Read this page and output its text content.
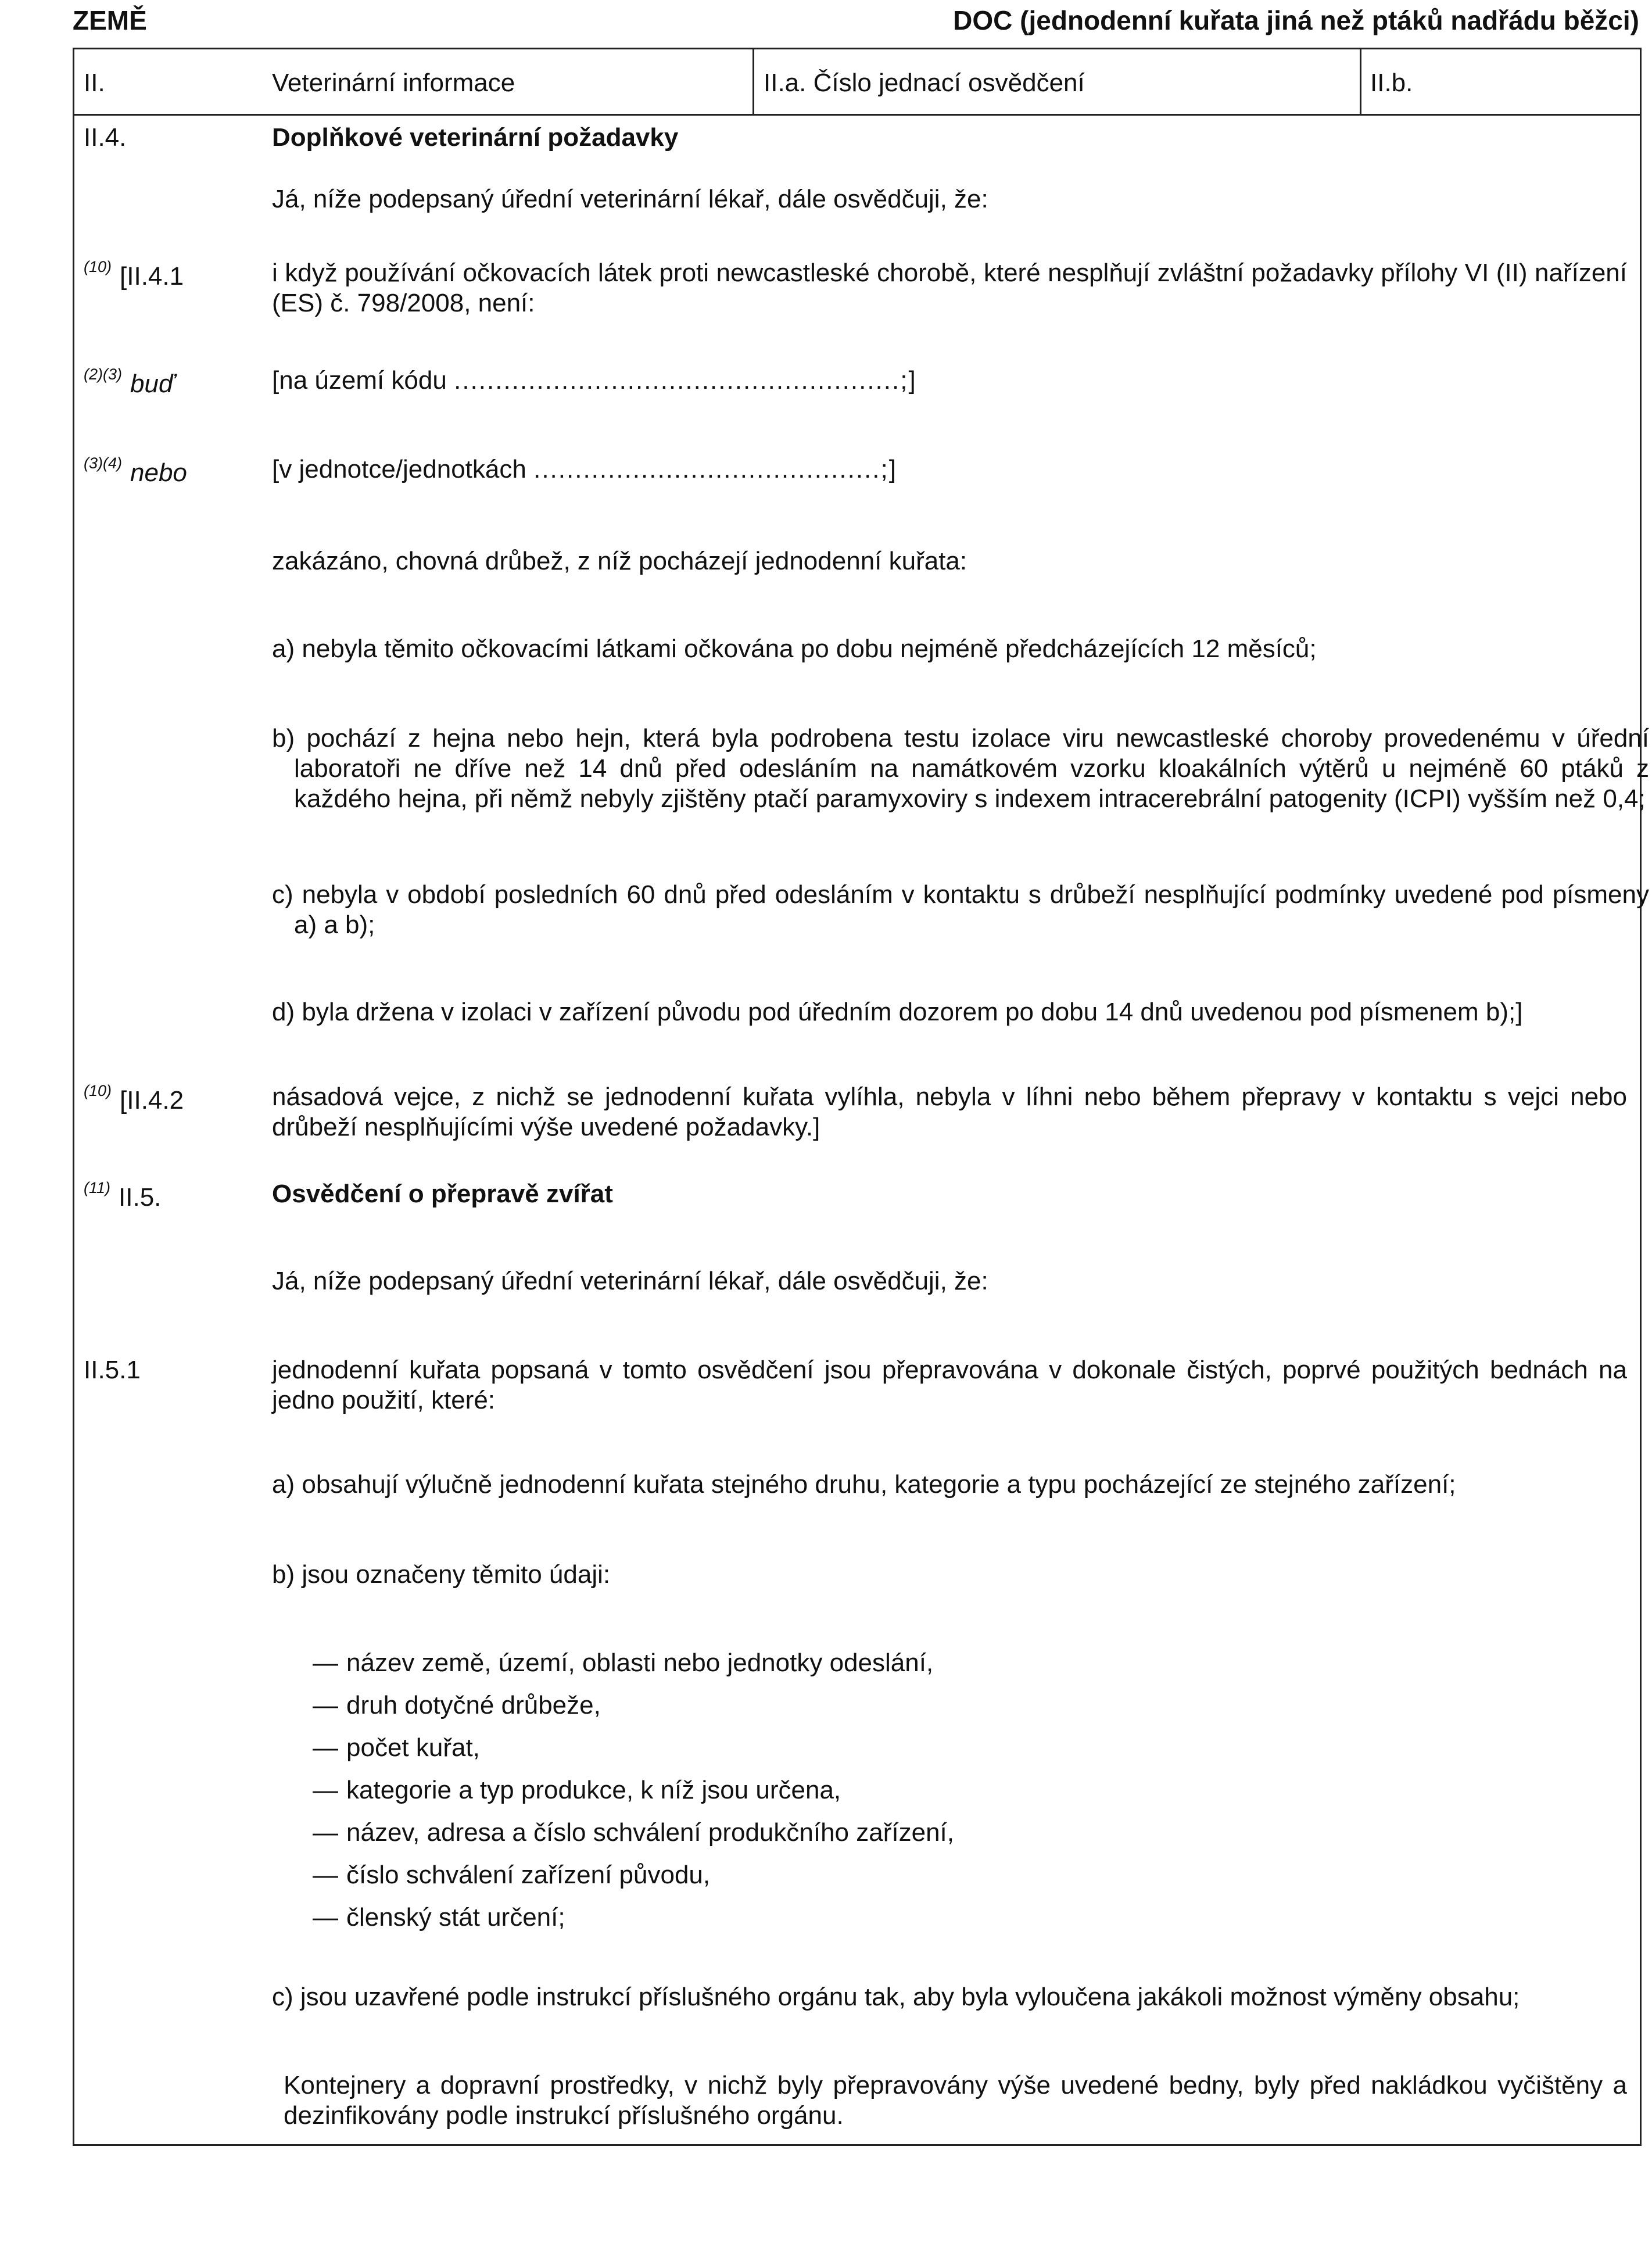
ZEMĚ	DOC (jednodenní kuřata jiná než ptáků nadřádu běžci)
II.	Veterinární informace	II.a. Číslo jednací osvědčení	II.b.
II.4.	Doplňkové veterinární požadavky
Já, níže podepsaný úřední veterinární lékař, dále osvědčuji, že:
$^{(10)}$ [II.4.1	i když používání očkovacích látek proti newcastleské chorobě, které nesplňují zvláštní požadavky přílohy VI (II) nařízení (ES) č. 798/2008, není:
$^{(2)(3)}$ buď	[na území kódu ......................................................;]
$^{(3)(4)}$ nebo	[v jednotce/jednotkách ..........................................;]
zakázáno, chovná drůbež, z níž pocházejí jednodenní kuřata:
a) nebyla těmito očkovacími látkami očkována po dobu nejméně předcházejících 12 měsíců;
b) pochází z hejna nebo hejn, která byla podrobena testu izolace viru newcastleské choroby provedenému v úřední laboratoři ne dříve než 14 dnů před odesláním na namátkovém vzorku kloakálních výtěrů u nejméně 60 ptáků z každého hejna, při němž nebyly zjištěny ptačí paramyxoviry s indexem intracerebrální patogenity (ICPI) vyšším než 0,4;
c) nebyla v období posledních 60 dnů před odesláním v kontaktu s drůbeží nesplňující podmínky uvedené pod písmeny a) a b);
d) byla držena v izolaci v zařízení původu pod úředním dozorem po dobu 14 dnů uvedenou pod písmenem b);]
$^{(10)}$ [II.4.2	násadová vejce, z nichž se jednodenní kuřata vylíhla, nebyla v líhni nebo během přepravy v kontaktu s vejci nebo drůbeží nesplňujícími výše uvedené požadavky.]
$^{(11)}$ II.5.	Osvědčení o přepravě zvířat
Já, níže podepsaný úřední veterinární lékař, dále osvědčuji, že:
II.5.1	jednodenní kuřata popsaná v tomto osvědčení jsou přepravována v dokonale čistých, poprvé použitých bednách na jedno použití, které:
a) obsahují výlučně jednodenní kuřata stejného druhu, kategorie a typu pocházející ze stejného zařízení;
b) jsou označeny těmito údaji:
— název země, území, oblasti nebo jednotky odeslání,
— druh dotyčné drůbeže,
— počet kuřat,
— kategorie a typ produkce, k níž jsou určena,
— název, adresa a číslo schválení produkčního zařízení,
— číslo schválení zařízení původu,
— členský stát určení;
c) jsou uzavřené podle instrukcí příslušného orgánu tak, aby byla vyloučena jakákoli možnost výměny obsahu;
Kontejnery a dopravní prostředky, v nichž byly přepravovány výše uvedené bedny, byly před nakládkou vyčištěny a dezinfikovány podle instrukcí příslušného orgánu.
